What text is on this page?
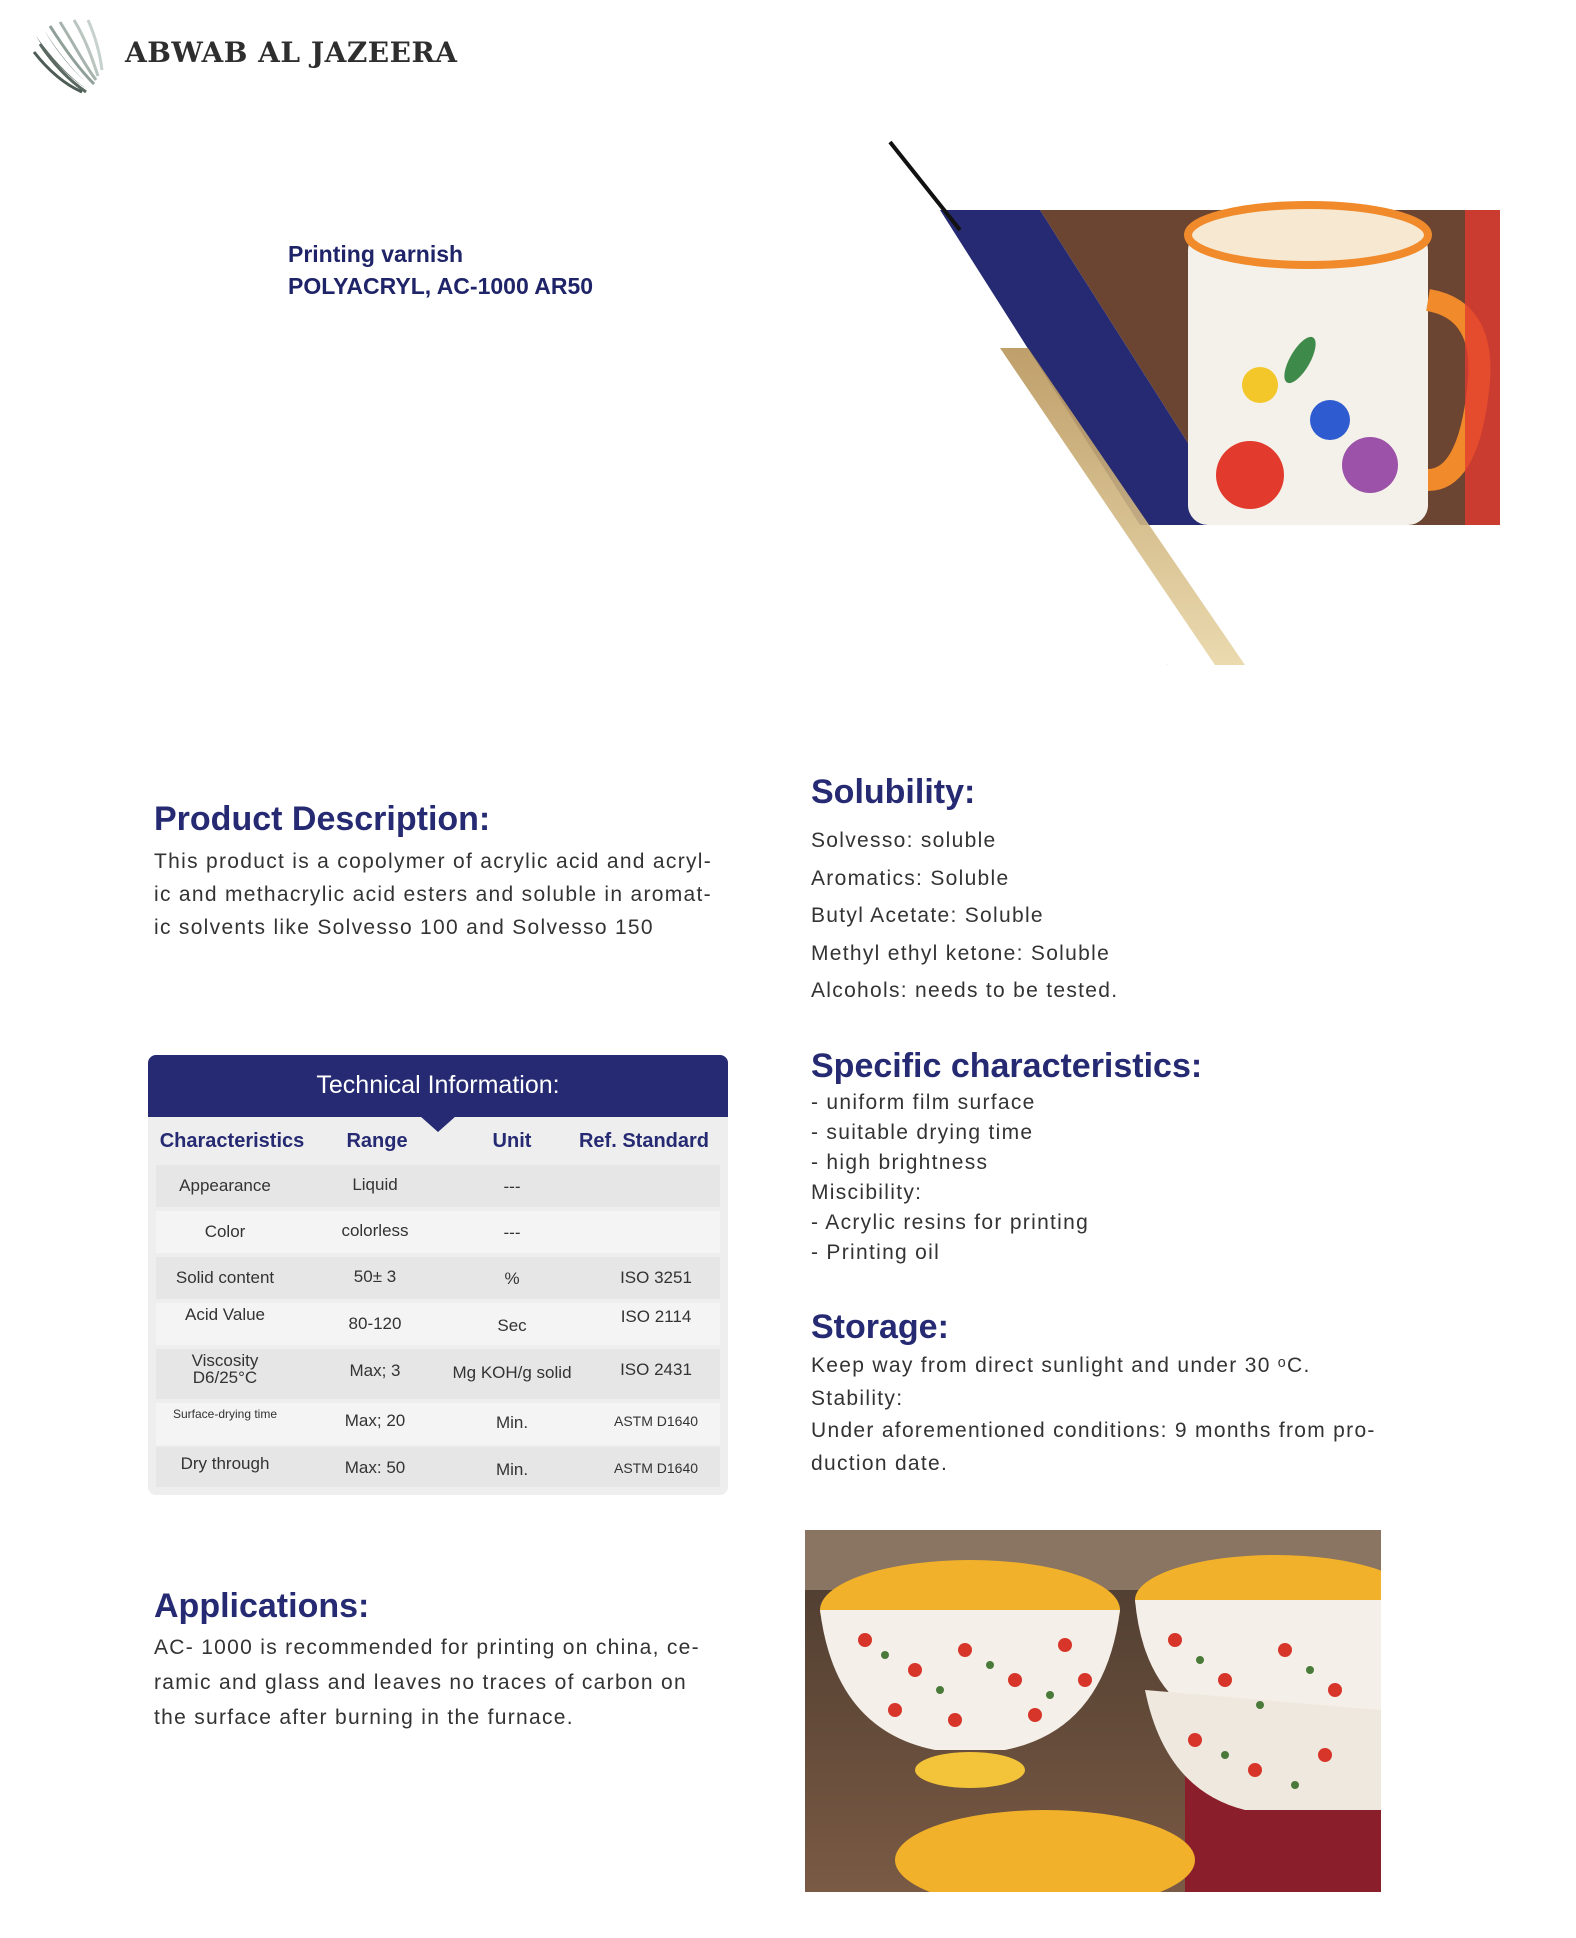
ABWAB AL JAZEERA
Printing varnish
POLYACRYL, AC-1000 AR50
Product Description:
This product is a copolymer of acrylic acid and acryl-
ic and methacrylic acid esters and soluble in aromat-
ic solvents like Solvesso 100 and Solvesso 150
Solubility:
Solvesso: soluble
Aromatics: Soluble
Butyl Acetate: Soluble
Methyl ethyl ketone: Soluble
Alcohols: needs to be tested.
Technical Information:
Characteristics Range	Unit Ref. Standard
Appearance	Liquid	---
Color	colorless	---
Solid content	50± 3	%	ISO 3251
Acid Value	80-120	Sec	ISO 2114
Viscosity D6/25°C	Max; 3	Mg KOH/g solid	ISO 2431
Surface-drying time	Max; 20	Min.	ASTM D1640
Dry through	Max: 50	Min.	ASTM D1640
Specific characteristics:
- uniform film surface
- suitable drying time
- high brightness
Miscibility:
- Acrylic resins for printing
- Printing oil
Storage:
Keep way from direct sunlight and under 30 ᵒC.
Stability:
Under aforementioned conditions: 9 months from pro-
duction date.
Applications:
AC- 1000 is recommended for printing on china, ce-
ramic and glass and leaves no traces of carbon on
the surface after burning in the furnace.
